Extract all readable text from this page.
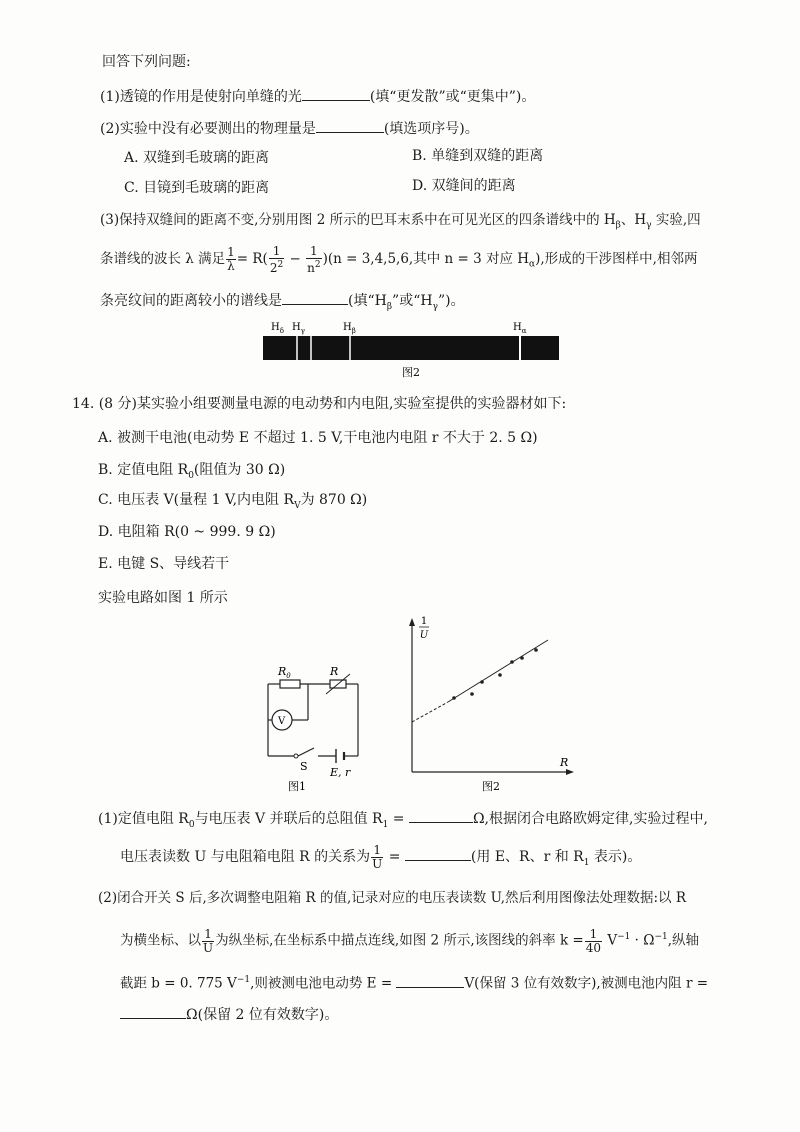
回答下列问题:
(1)透镜的作用是使射向单缝的光	(填“更发散”或“更集中”)。
(2)实验中没有必要测出的物理量是	(填选项序号)。
A. 双缝到毛玻璃的距离	B. 单缝到双缝的距离
C. 目镜到毛玻璃的距离	D. 双缝间的距离
(3)保持双缝间的距离不变,分别用图 2 所示的巴耳末系中在可见光区的四条谱线中的 $H_\beta$、$H_\gamma$ 实验,四
条谱线的波长 λ 满足 $\frac{1}{\lambda} = R( \frac{1}{2^2} - \frac{1}{n^2} )(n = 3,4,5,6$,其中 n = 3 对应 $H_\alpha$),形成的干涉图样中,相邻两
条亮纹间的距离较小的谱线是	(填“$H_\beta$”或“$H_\gamma$”)。
$H_\delta$ $H_\gamma$	$H_\beta$	$H_\alpha$
图2
14. (8 分)某实验小组要测量电源的电动势和内电阻,实验室提供的实验器材如下:
A. 被测干电池(电动势 E 不超过 1. 5 V,干电池内电阻 r 不大于 2. 5 Ω)
B. 定值电阻 $R_0$(阻值为 30 Ω)
C. 电压表 V(量程 1 V,内电阻 $R_V$为 870 Ω)
D. 电阻箱 R(0 ~ 999. 9 Ω)
E. 电键 S、导线若干
实验电路如图 1 所示
$R_0$	R
V
S E, r
图1
1
U
R
图2
(1)定值电阻 $R_0$与电压表 V 并联后的总阻值 $R_1$ =	Ω,根据闭合电路欧姆定律,实验过程中,
电压表读数 U 与电阻箱电阻 R 的关系为 $\frac{1}{U}$ =	(用 E、R、r 和 $R_1$ 表示)。
(2)闭合开关 S 后,多次调整电阻箱 R 的值,记录对应的电压表读数 U,然后利用图像法处理数据:以 R
为横坐标、以 $\frac{1}{U}$ 为纵坐标,在坐标系中描点连线,如图 2 所示,该图线的斜率 $k = \frac{1}{40} V^{-1} \cdot \Omega^{-1}$,纵轴
截距 b = 0. 775 $V^{-1}$,则被测电池电动势 E =	V(保留 3 位有效数字),被测电池内阻 r =
Ω(保留 2 位有效数字)。
